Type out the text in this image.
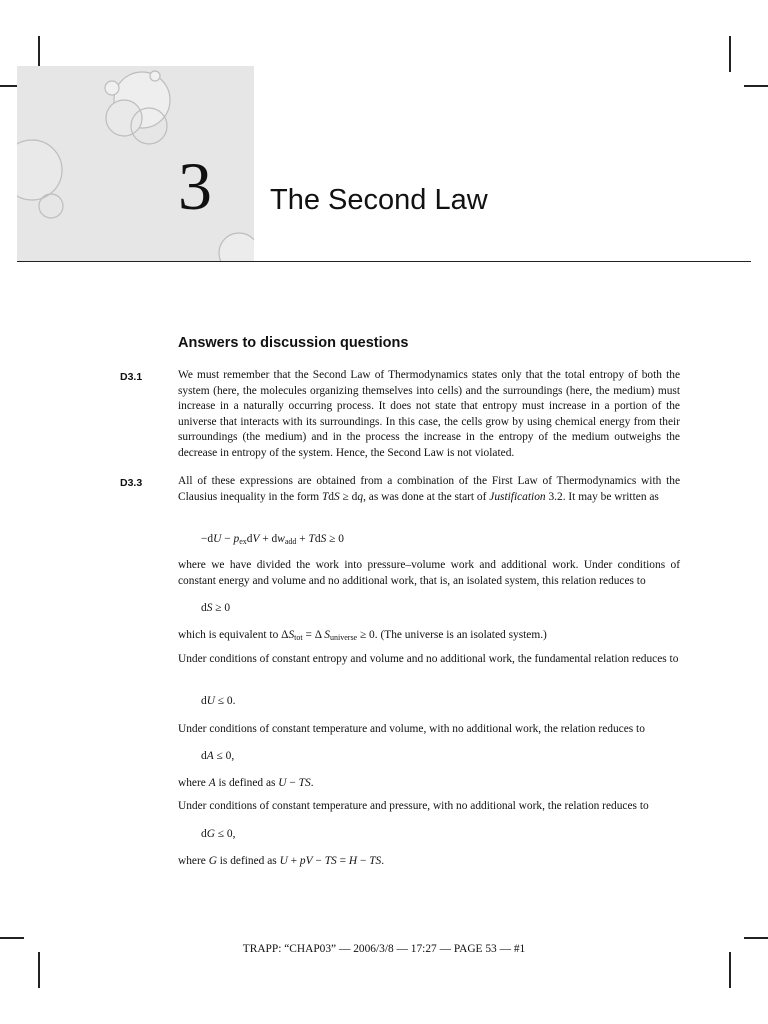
3	The Second Law
Answers to discussion questions
D3.1	We must remember that the Second Law of Thermodynamics states only that the total entropy of both the system (here, the molecules organizing themselves into cells) and the surroundings (here, the medium) must increase in a naturally occurring process. It does not state that entropy must increase in a portion of the universe that interacts with its surroundings. In this case, the cells grow by using chemical energy from their surroundings (the medium) and in the process the increase in the entropy of the medium outweighs the decrease in entropy of the system. Hence, the Second Law is not violated.
D3.3	All of these expressions are obtained from a combination of the First Law of Thermodynamics with the Clausius inequality in the form TdS ≥ dq, as was done at the start of Justification 3.2. It may be written as
$-dU - p_{ex}dV + dw_{add}$ + TdS ≥ 0
where we have divided the work into pressure–volume work and additional work. Under conditions of constant energy and volume and no additional work, that is, an isolated system, this relation reduces to
dS ≥ 0
which is equivalent to $\Delta S_{tot} = \Delta$ $S_{universe} \ge 0$. (The universe is an isolated system.)
Under conditions of constant entropy and volume and no additional work, the fundamental relation reduces to
dU ≤ 0.
Under conditions of constant temperature and volume, with no additional work, the relation reduces to
dA ≤ 0,
where A is defined as U − TS.
Under conditions of constant temperature and pressure, with no additional work, the relation reduces to
dG ≤ 0,
where G is defined as U + pV − TS = H − TS.
TRAPP: “CHAP03” — 2006/3/8 — 17:27 — PAGE 53 — #1
